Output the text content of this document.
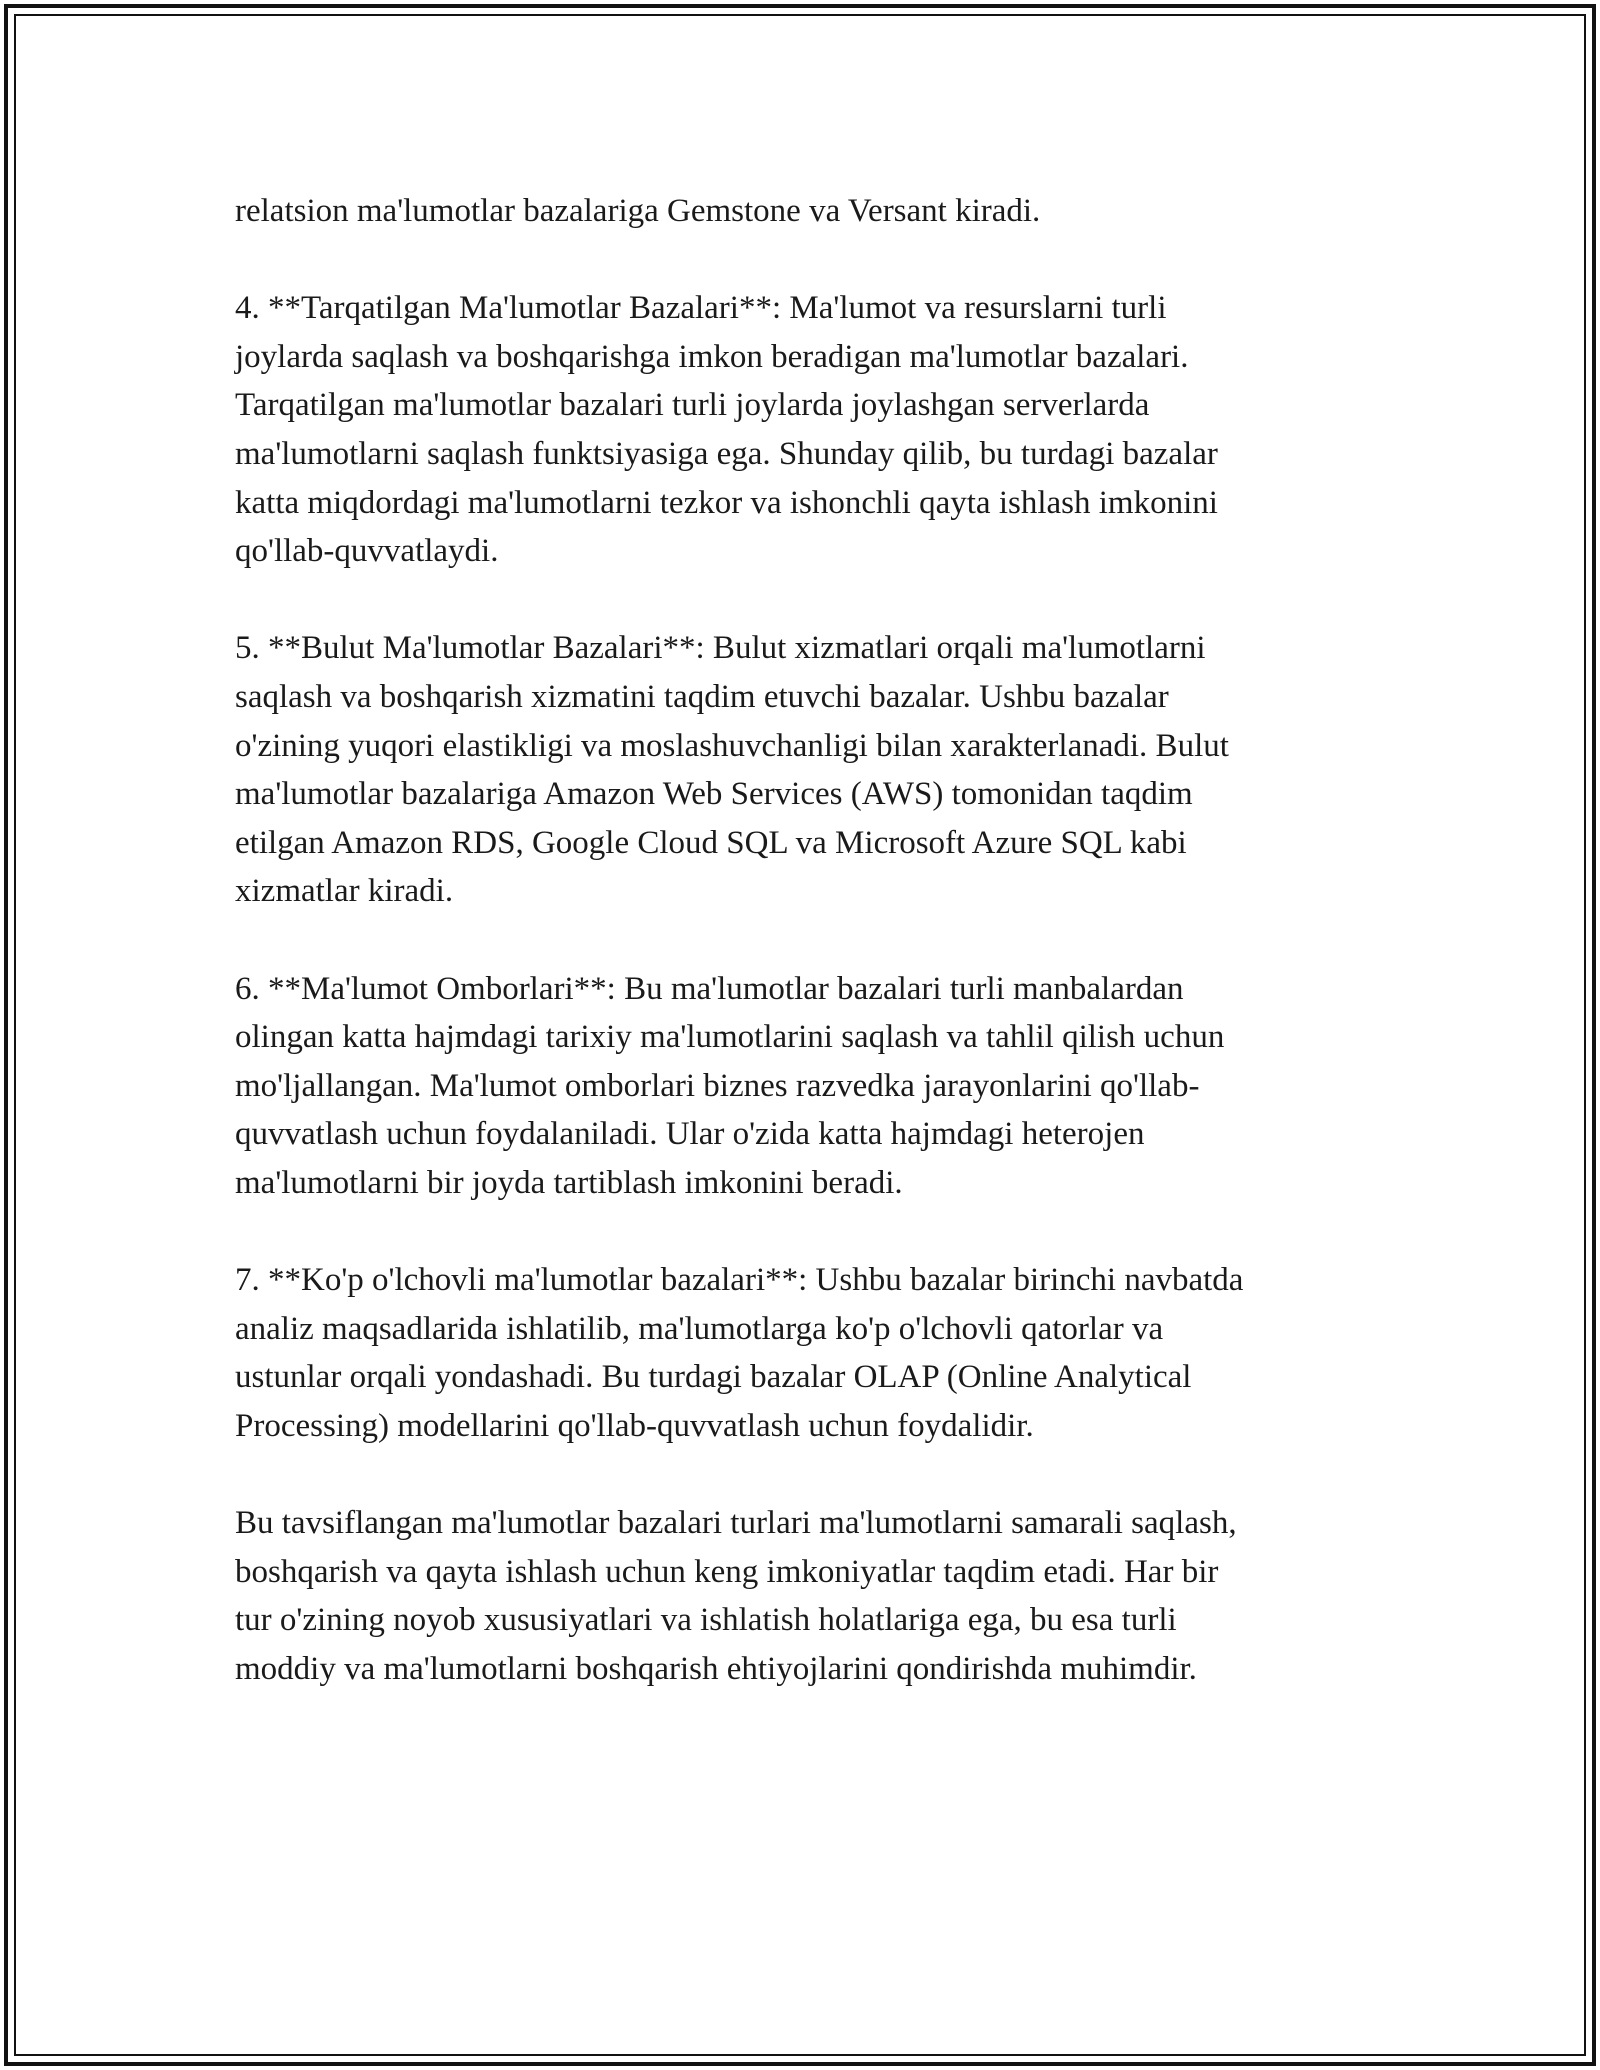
relatsion ma'lumotlar bazalariga Gemstone va Versant kiradi.

4. **Tarqatilgan Ma'lumotlar Bazalari**: Ma'lumot va resurslarni turli
joylarda saqlash va boshqarishga imkon beradigan ma'lumotlar bazalari.
Tarqatilgan ma'lumotlar bazalari turli joylarda joylashgan serverlarda
ma'lumotlarni saqlash funktsiyasiga ega. Shunday qilib, bu turdagi bazalar
katta miqdordagi ma'lumotlarni tezkor va ishonchli qayta ishlash imkonini
qo'llab-quvvatlaydi.

5. **Bulut Ma'lumotlar Bazalari**: Bulut xizmatlari orqali ma'lumotlarni
saqlash va boshqarish xizmatini taqdim etuvchi bazalar. Ushbu bazalar
o'zining yuqori elastikligi va moslashuvchanligi bilan xarakterlanadi. Bulut
ma'lumotlar bazalariga Amazon Web Services (AWS) tomonidan taqdim
etilgan Amazon RDS, Google Cloud SQL va Microsoft Azure SQL kabi
xizmatlar kiradi.

6. **Ma'lumot Omborlari**: Bu ma'lumotlar bazalari turli manbalardan
olingan katta hajmdagi tarixiy ma'lumotlarini saqlash va tahlil qilish uchun
mo'ljallangan. Ma'lumot omborlari biznes razvedka jarayonlarini qo'llab-
quvvatlash uchun foydalaniladi. Ular o'zida katta hajmdagi heterojen
ma'lumotlarni bir joyda tartiblash imkonini beradi.

7. **Ko'p o'lchovli ma'lumotlar bazalari**: Ushbu bazalar birinchi navbatda
analiz maqsadlarida ishlatilib, ma'lumotlarga ko'p o'lchovli qatorlar va
ustunlar orqali yondashadi. Bu turdagi bazalar OLAP (Online Analytical
Processing) modellarini qo'llab-quvvatlash uchun foydalidir.

Bu tavsiflangan ma'lumotlar bazalari turlari ma'lumotlarni samarali saqlash,
boshqarish va qayta ishlash uchun keng imkoniyatlar taqdim etadi. Har bir
tur o'zining noyob xususiyatlari va ishlatish holatlariga ega, bu esa turli
moddiy va ma'lumotlarni boshqarish ehtiyojlarini qondirishda muhimdir.
